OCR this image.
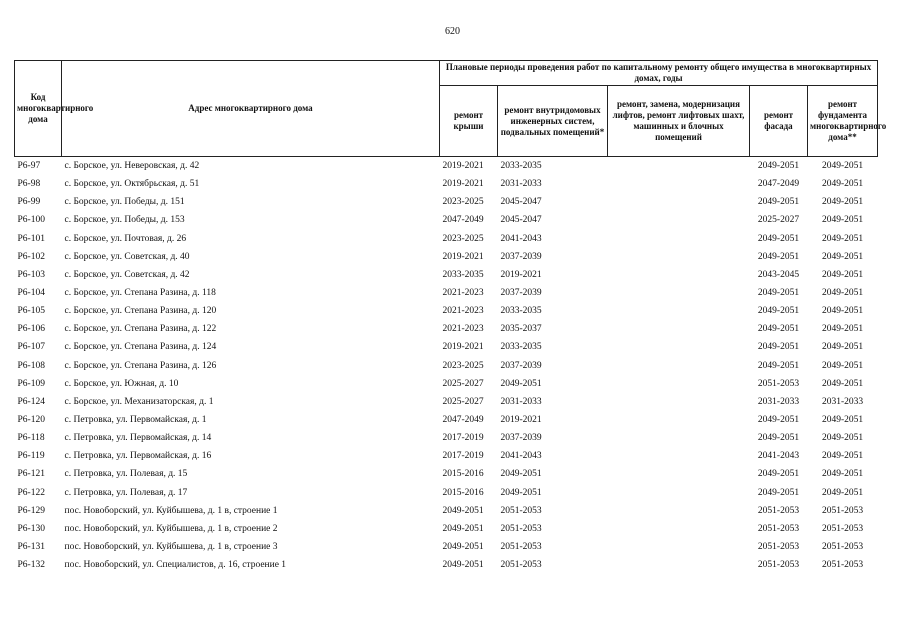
620
Код многоквартирного дома	Адрес многоквартирного дома	Плановые периоды проведения работ по капитальному ремонту общего имущества в многоквартирных домах, годы				
		ремонт крыши	ремонт внутридомовых инженерных систем, подвальных помещений*	ремонт, замена, модернизация лифтов, ремонт лифтовых шахт, машинных и блочных помещений	ремонт фасада	ремонт фундамента многоквартирного дома**
Р6-97	с. Борское, ул. Неверовская, д. 42	2019-2021	2033-2035		2049-2051	2049-2051
Р6-98	с. Борское, ул. Октябрьская, д. 51	2019-2021	2031-2033		2047-2049	2049-2051
Р6-99	с. Борское, ул. Победы, д. 151	2023-2025	2045-2047		2049-2051	2049-2051
Р6-100	с. Борское, ул. Победы, д. 153	2047-2049	2045-2047		2025-2027	2049-2051
Р6-101	с. Борское, ул. Почтовая, д. 26	2023-2025	2041-2043		2049-2051	2049-2051
Р6-102	с. Борское, ул. Советская, д. 40	2019-2021	2037-2039		2049-2051	2049-2051
Р6-103	с. Борское, ул. Советская, д. 42	2033-2035	2019-2021		2043-2045	2049-2051
Р6-104	с. Борское, ул. Степана Разина, д. 118	2021-2023	2037-2039		2049-2051	2049-2051
Р6-105	с. Борское, ул. Степана Разина, д. 120	2021-2023	2033-2035		2049-2051	2049-2051
Р6-106	с. Борское, ул. Степана Разина, д. 122	2021-2023	2035-2037		2049-2051	2049-2051
Р6-107	с. Борское, ул. Степана Разина, д. 124	2019-2021	2033-2035		2049-2051	2049-2051
Р6-108	с. Борское, ул. Степана Разина, д. 126	2023-2025	2037-2039		2049-2051	2049-2051
Р6-109	с. Борское, ул. Южная, д. 10	2025-2027	2049-2051		2051-2053	2049-2051
Р6-124	с. Борское, ул. Механизаторская, д. 1	2025-2027	2031-2033		2031-2033	2031-2033
Р6-120	с. Петровка, ул. Первомайская, д. 1	2047-2049	2019-2021		2049-2051	2049-2051
Р6-118	с. Петровка, ул. Первомайская, д. 14	2017-2019	2037-2039		2049-2051	2049-2051
Р6-119	с. Петровка, ул. Первомайская, д. 16	2017-2019	2041-2043		2041-2043	2049-2051
Р6-121	с. Петровка, ул. Полевая, д. 15	2015-2016	2049-2051		2049-2051	2049-2051
Р6-122	с. Петровка, ул. Полевая, д. 17	2015-2016	2049-2051		2049-2051	2049-2051
Р6-129	пос. Новоборский, ул. Куйбышева, д. 1 в, строение 1	2049-2051	2051-2053		2051-2053	2051-2053
Р6-130	пос. Новоборский, ул. Куйбышева, д. 1 в, строение 2	2049-2051	2051-2053		2051-2053	2051-2053
Р6-131	пос. Новоборский, ул. Куйбышева, д. 1 в, строение 3	2049-2051	2051-2053		2051-2053	2051-2053
Р6-132	пос. Новоборский, ул. Специалистов, д. 16, строение 1	2049-2051	2051-2053		2051-2053	2051-2053
